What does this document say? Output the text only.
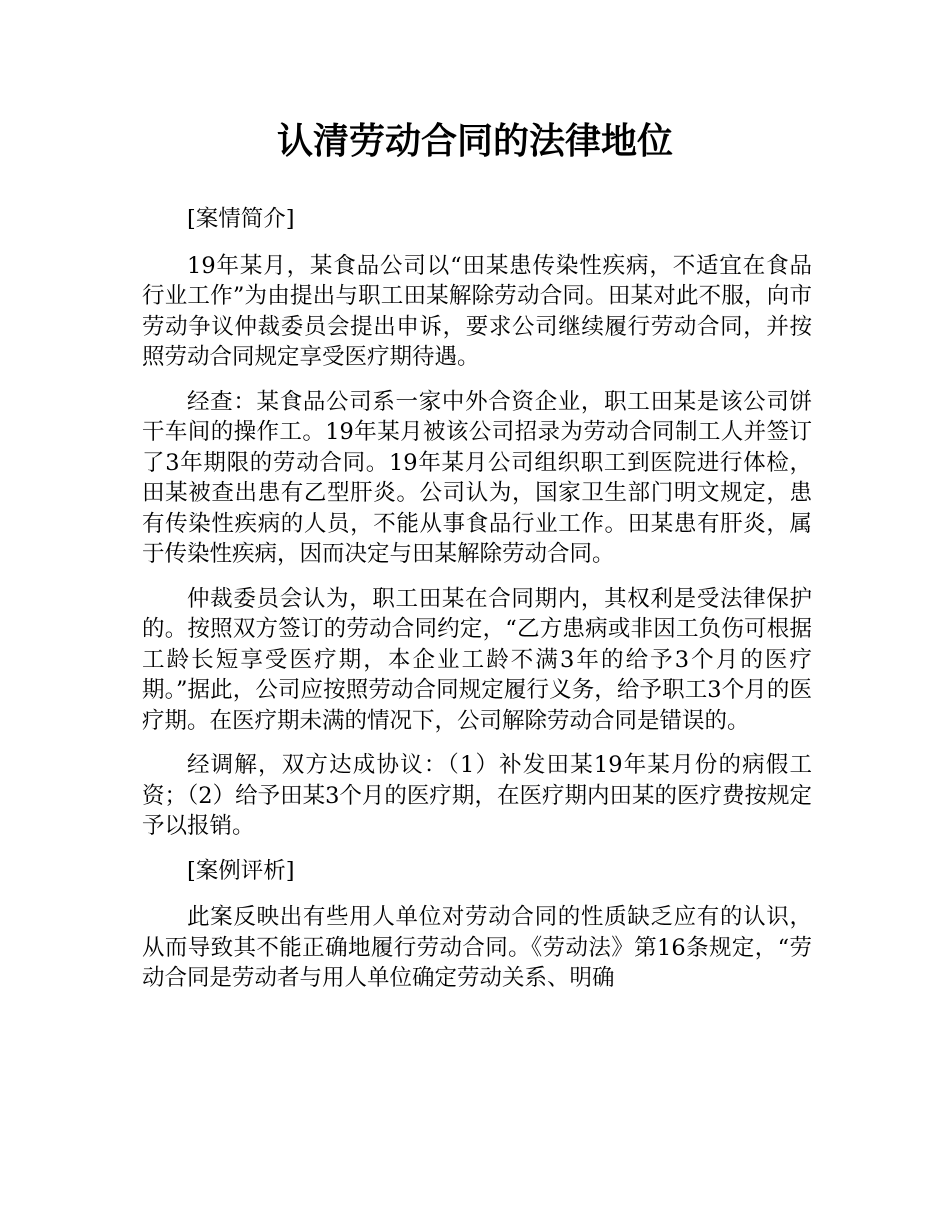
认清劳动合同的法律地位

[案情简介]

19年某月，某食品公司以“田某患传染性疾病，不适宜在食品行业工作”为由提出与职工田某解除劳动合同。田某对此不服，向市劳动争议仲裁委员会提出申诉，要求公司继续履行劳动合同，并按照劳动合同规定享受医疗期待遇。

经查：某食品公司系一家中外合资企业，职工田某是该公司饼干车间的操作工。19年某月被该公司招录为劳动合同制工人并签订了3年期限的劳动合同。19年某月公司组织职工到医院进行体检，田某被查出患有乙型肝炎。公司认为，国家卫生部门明文规定，患有传染性疾病的人员，不能从事食品行业工作。田某患有肝炎，属于传染性疾病，因而决定与田某解除劳动合同。

仲裁委员会认为，职工田某在合同期内，其权利是受法律保护的。按照双方签订的劳动合同约定，“乙方患病或非因工负伤可根据工龄长短享受医疗期，本企业工龄不满3年的给予3个月的医疗期。”据此，公司应按照劳动合同规定履行义务，给予职工3个月的医疗期。在医疗期未满的情况下，公司解除劳动合同是错误的。

经调解，双方达成协议：（1）补发田某19年某月份的病假工资；（2）给予田某3个月的医疗期，在医疗期内田某的医疗费按规定予以报销。

[案例评析]

此案反映出有些用人单位对劳动合同的性质缺乏应有的认识，从而导致其不能正确地履行劳动合同。《劳动法》第16条规定，“劳动合同是劳动者与用人单位确定劳动关系、明确
